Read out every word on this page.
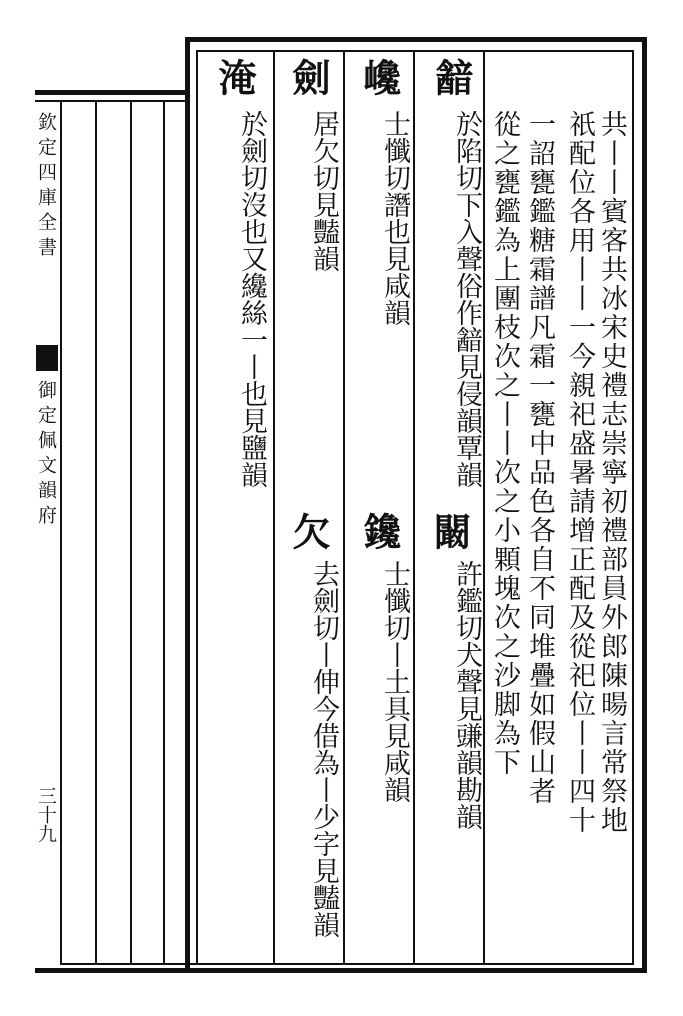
欽定四庫全書
御定佩文韻府
三十九	共丨丨賓客共冰宋史禮志崇寧初禮部員外郎陳暘言常祭地
祇配位各用丨丨一今親祀盛暑請增正配及從祀位丨丨四十
一詔甕鑑糖霜譜凡霜一甕中品色各自不同堆疊如假山者
從之甕鑑為上團枝次之丨丨次之小顆塊次之沙脚為下
韽
於陷切下入聲俗作韽見侵韻覃韻
巉
士懺切譖也見咸韻
劍
居欠切見豔韻
淹
於劍切沒也又纔絲一丨也見鹽韻
闞
許鑑切犬聲見豏韻勘韻
鑱
士懺切丨土具見咸韻
欠
去劍切丨伸今借為丨少字見豔韻
